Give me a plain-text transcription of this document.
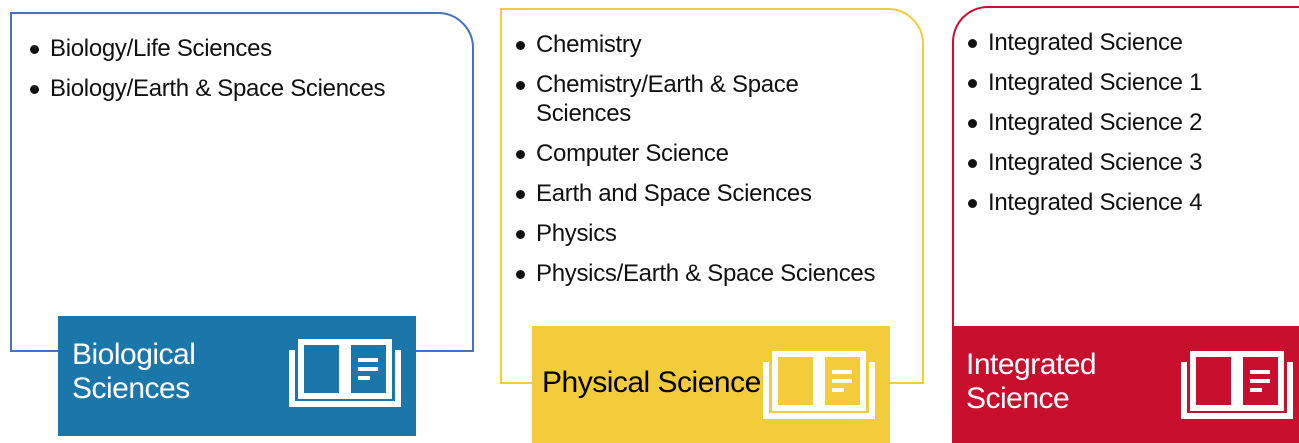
Biology/Life Sciences
Biology/Earth & Space Sciences
Biological
Sciences
Chemistry
Chemistry/Earth & Space Sciences
Computer Science
Earth and Space Sciences
Physics
Physics/Earth & Space Sciences
Physical Science
Integrated Science
Integrated Science 1
Integrated Science 2
Integrated Science 3
Integrated Science 4
Integrated
Science
